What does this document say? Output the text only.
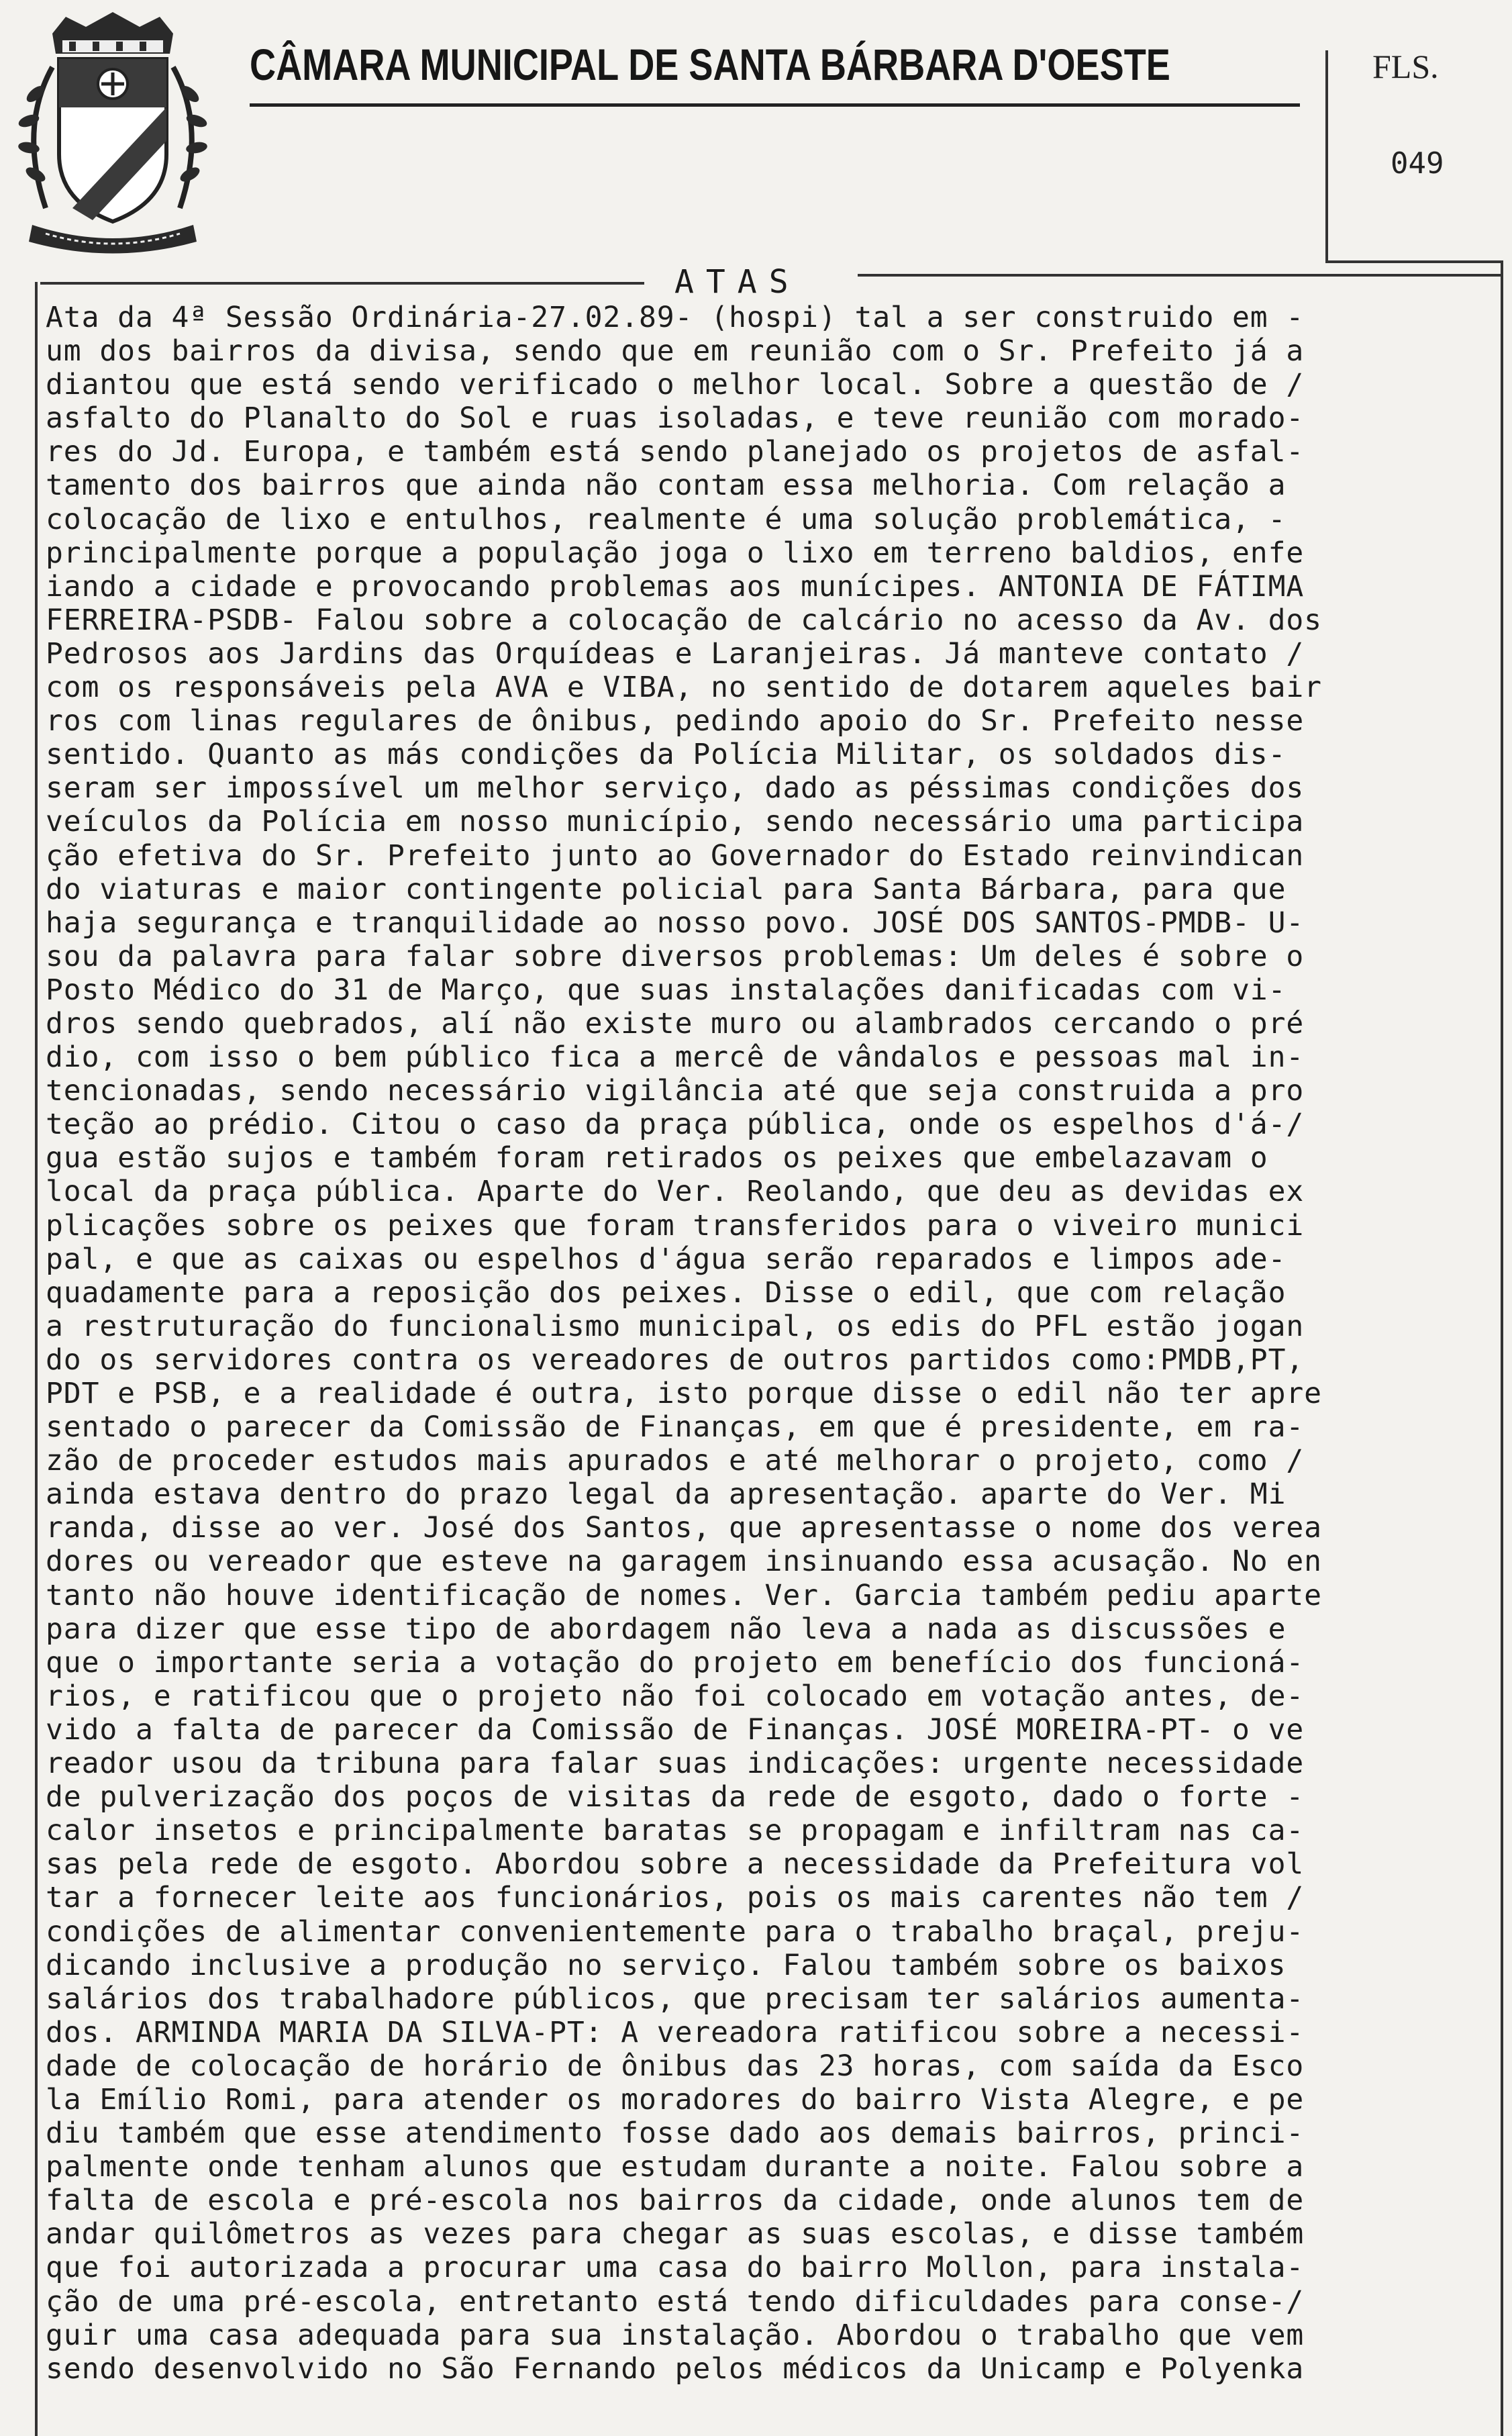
CÂMARA MUNICIPAL DE SANTA BÁRBARA D'OESTE	FLS.
049
ATAS
Ata da 4ª Sessão Ordinária-27.02.89- (hospi) tal a ser construido em -
um dos bairros da divisa, sendo que em reunião com o Sr. Prefeito já a
diantou que está sendo verificado o melhor local. Sobre a questão de /
asfalto do Planalto do Sol e ruas isoladas, e teve reunião com morado-
res do Jd. Europa, e também está sendo planejado os projetos de asfal-
tamento dos bairros que ainda não contam essa melhoria. Com relação a
colocação de lixo e entulhos, realmente é uma solução problemática, -
principalmente porque a população joga o lixo em terreno baldios, enfe
iando a cidade e provocando problemas aos munícipes. ANTONIA DE FÁTIMA
FERREIRA-PSDB- Falou sobre a colocação de calcário no acesso da Av. dos
Pedrosos aos Jardins das Orquídeas e Laranjeiras. Já manteve contato /
com os responsáveis pela AVA e VIBA, no sentido de dotarem aqueles bair
ros com linas regulares de ônibus, pedindo apoio do Sr. Prefeito nesse
sentido. Quanto as más condições da Polícia Militar, os soldados dis-
seram ser impossível um melhor serviço, dado as péssimas condições dos
veículos da Polícia em nosso município, sendo necessário uma participa
ção efetiva do Sr. Prefeito junto ao Governador do Estado reinvindican
do viaturas e maior contingente policial para Santa Bárbara, para que
haja segurança e tranquilidade ao nosso povo. JOSÉ DOS SANTOS-PMDB- U-
sou da palavra para falar sobre diversos problemas: Um deles é sobre o
Posto Médico do 31 de Março, que suas instalações danificadas com vi-
dros sendo quebrados, alí não existe muro ou alambrados cercando o pré
dio, com isso o bem público fica a mercê de vândalos e pessoas mal in-
tencionadas, sendo necessário vigilância até que seja construida a pro
teção ao prédio. Citou o caso da praça pública, onde os espelhos d'á-/
gua estão sujos e também foram retirados os peixes que embelazavam o
local da praça pública. Aparte do Ver. Reolando, que deu as devidas ex
plicações sobre os peixes que foram transferidos para o viveiro munici
pal, e que as caixas ou espelhos d'água serão reparados e limpos ade-
quadamente para a reposição dos peixes. Disse o edil, que com relação
a restruturação do funcionalismo municipal, os edis do PFL estão jogan
do os servidores contra os vereadores de outros partidos como:PMDB,PT,
PDT e PSB, e a realidade é outra, isto porque disse o edil não ter apre
sentado o parecer da Comissão de Finanças, em que é presidente, em ra-
zão de proceder estudos mais apurados e até melhorar o projeto, como /
ainda estava dentro do prazo legal da apresentação. aparte do Ver. Mi
randa, disse ao ver. José dos Santos, que apresentasse o nome dos verea
dores ou vereador que esteve na garagem insinuando essa acusação. No en
tanto não houve identificação de nomes. Ver. Garcia também pediu aparte
para dizer que esse tipo de abordagem não leva a nada as discussões e
que o importante seria a votação do projeto em benefício dos funcioná-
rios, e ratificou que o projeto não foi colocado em votação antes, de-
vido a falta de parecer da Comissão de Finanças. JOSÉ MOREIRA-PT- o ve
reador usou da tribuna para falar suas indicações: urgente necessidade
de pulverização dos poços de visitas da rede de esgoto, dado o forte -
calor insetos e principalmente baratas se propagam e infiltram nas ca-
sas pela rede de esgoto. Abordou sobre a necessidade da Prefeitura vol
tar a fornecer leite aos funcionários, pois os mais carentes não tem /
condições de alimentar convenientemente para o trabalho braçal, preju-
dicando inclusive a produção no serviço. Falou também sobre os baixos
salários dos trabalhadore públicos, que precisam ter salários aumenta-
dos. ARMINDA MARIA DA SILVA-PT: A vereadora ratificou sobre a necessi-
dade de colocação de horário de ônibus das 23 horas, com saída da Esco
la Emílio Romi, para atender os moradores do bairro Vista Alegre, e pe
diu também que esse atendimento fosse dado aos demais bairros, princi-
palmente onde tenham alunos que estudam durante a noite. Falou sobre a
falta de escola e pré-escola nos bairros da cidade, onde alunos tem de
andar quilômetros as vezes para chegar as suas escolas, e disse também
que foi autorizada a procurar uma casa do bairro Mollon, para instala-
ção de uma pré-escola, entretanto está tendo dificuldades para conse-/
guir uma casa adequada para sua instalação. Abordou o trabalho que vem
sendo desenvolvido no São Fernando pelos médicos da Unicamp e Polyenka
